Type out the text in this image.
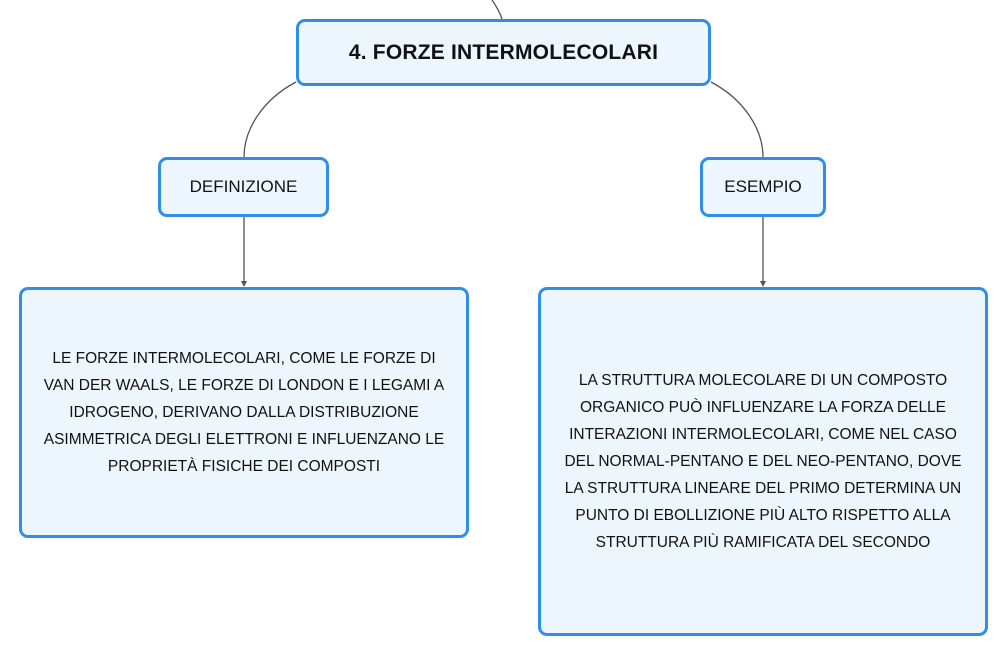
4. FORZE INTERMOLECOLARI
DEFINIZIONE	ESEMPIO
LE FORZE INTERMOLECOLARI, COME LE FORZE DI VAN DER WAALS, LE FORZE DI LONDON E I LEGAMI A IDROGENO, DERIVANO DALLA DISTRIBUZIONE ASIMMETRICA DEGLI ELETTRONI E INFLUENZANO LE PROPRIETÀ FISICHE DEI COMPOSTI
LA STRUTTURA MOLECOLARE DI UN COMPOSTO ORGANICO PUÒ INFLUENZARE LA FORZA DELLE INTERAZIONI INTERMOLECOLARI, COME NEL CASO DEL NORMAL-PENTANO E DEL NEO-PENTANO, DOVE LA STRUTTURA LINEARE DEL PRIMO DETERMINA UN PUNTO DI EBOLLIZIONE PIÙ ALTO RISPETTO ALLA STRUTTURA PIÙ RAMIFICATA DEL SECONDO
